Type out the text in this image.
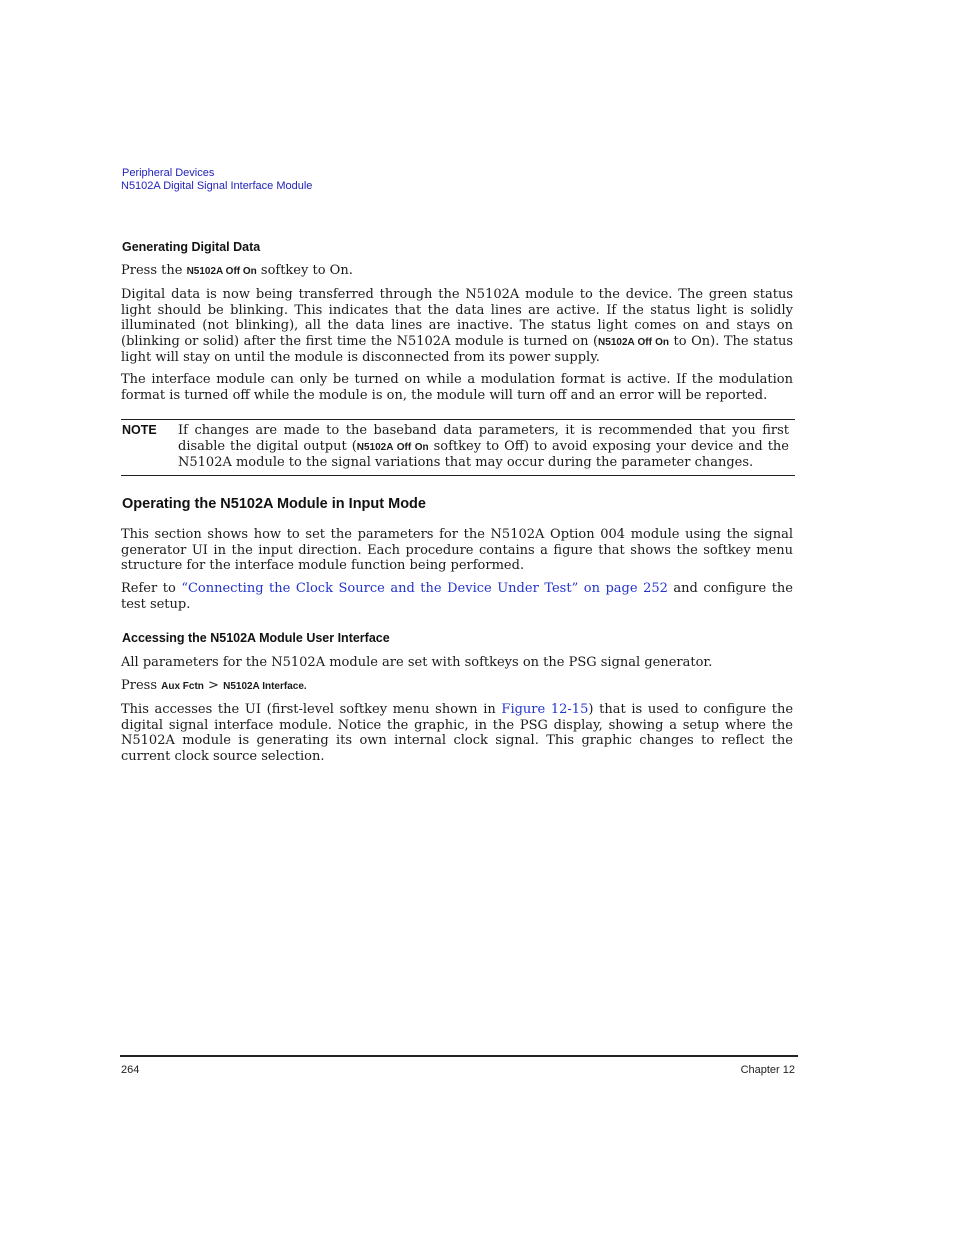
Peripheral Devices
N5102A Digital Signal Interface Module
Generating Digital Data
Press the N5102A Off On softkey to On.
Digital data is now being transferred through the N5102A module to the device. The green status light should be blinking. This indicates that the data lines are active. If the status light is solidly illuminated (not blinking), all the data lines are inactive. The status light comes on and stays on (blinking or solid) after the first time the N5102A module is turned on (N5102A Off On to On). The status light will stay on until the module is disconnected from its power supply.
The interface module can only be turned on while a modulation format is active. If the modulation format is turned off while the module is on, the module will turn off and an error will be reported.
NOTE If changes are made to the baseband data parameters, it is recommended that you first disable the digital output (N5102A Off On softkey to Off) to avoid exposing your device and the N5102A module to the signal variations that may occur during the parameter changes.
Operating the N5102A Module in Input Mode
This section shows how to set the parameters for the N5102A Option 004 module using the signal generator UI in the input direction. Each procedure contains a figure that shows the softkey menu structure for the interface module function being performed.
Refer to “Connecting the Clock Source and the Device Under Test” on page 252 and configure the test setup.
Accessing the N5102A Module User Interface
All parameters for the N5102A module are set with softkeys on the PSG signal generator.
Press Aux Fctn > N5102A Interface.
This accesses the UI (first-level softkey menu shown in Figure 12-15) that is used to configure the digital signal interface module. Notice the graphic, in the PSG display, showing a setup where the N5102A module is generating its own internal clock signal. This graphic changes to reflect the current clock source selection.
264	Chapter 12
